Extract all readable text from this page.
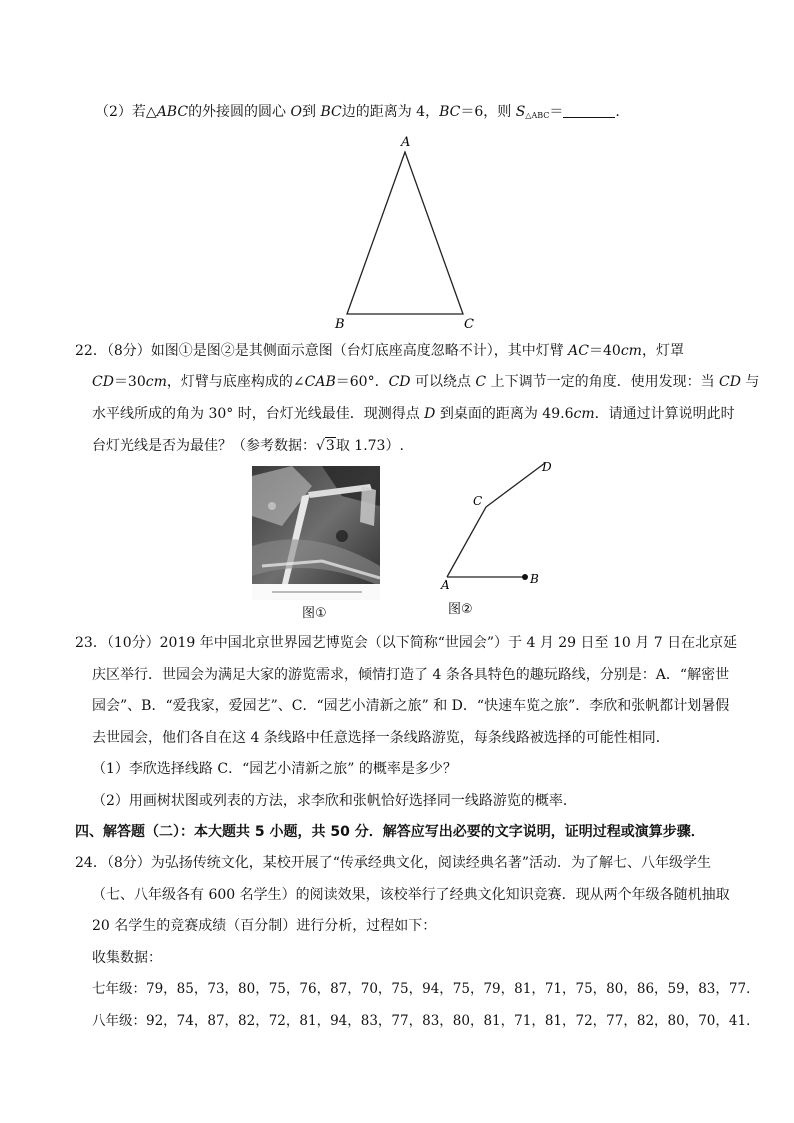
（2）若△ABC的外接圆的圆心 O到 BC边的距离为 4，BC＝6，则 $S_{\triangle ABC}=$	.
A
B	C
22．（8分）如图①是图②是其侧面示意图（台灯底座高度忽略不计），其中灯臂 AC＝40cm，灯罩
CD＝30cm，灯臂与底座构成的∠CAB＝60°．CD 可以绕点 C 上下调节一定的角度．使用发现：当 CD 与
水平线所成的角为 30° 时，台灯光线最佳．现测得点 D 到桌面的距离为 49.6cm．请通过计算说明此时
台灯光线是否为最佳？（参考数据：√3取 1.73）.
图①
D
C
A	B
图②
23．（10分）2019 年中国北京世界园艺博览会（以下简称“世园会”）于 4 月 29 日至 10 月 7 日在北京延
庆区举行．世园会为满足大家的游览需求，倾情打造了 4 条各具特色的趣玩路线，分别是：A．“解密世
园会”、B．“爱我家，爱园艺”、C．“园艺小清新之旅” 和 D．“快速车览之旅”．李欣和张帆都计划暑假
去世园会，他们各自在这 4 条线路中任意选择一条线路游览，每条线路被选择的可能性相同．
（1）李欣选择线路 C．“园艺小清新之旅” 的概率是多少？
（2）用画树状图或列表的方法，求李欣和张帆恰好选择同一线路游览的概率．
四、解答题（二）：本大题共 5 小题，共 50 分．解答应写出必要的文字说明，证明过程或演算步骤．
24．（8分）为弘扬传统文化，某校开展了“传承经典文化，阅读经典名著”活动．为了解七、八年级学生
（七、八年级各有 600 名学生）的阅读效果，该校举行了经典文化知识竞赛．现从两个年级各随机抽取
20 名学生的竞赛成绩（百分制）进行分析，过程如下：
收集数据：
七年级：79，85，73，80，75，76，87，70，75，94，75，79，81，71，75，80，86，59，83，77．
八年级：92，74，87，82，72，81，94，83，77，83，80，81，71，81，72，77，82，80，70，41．
